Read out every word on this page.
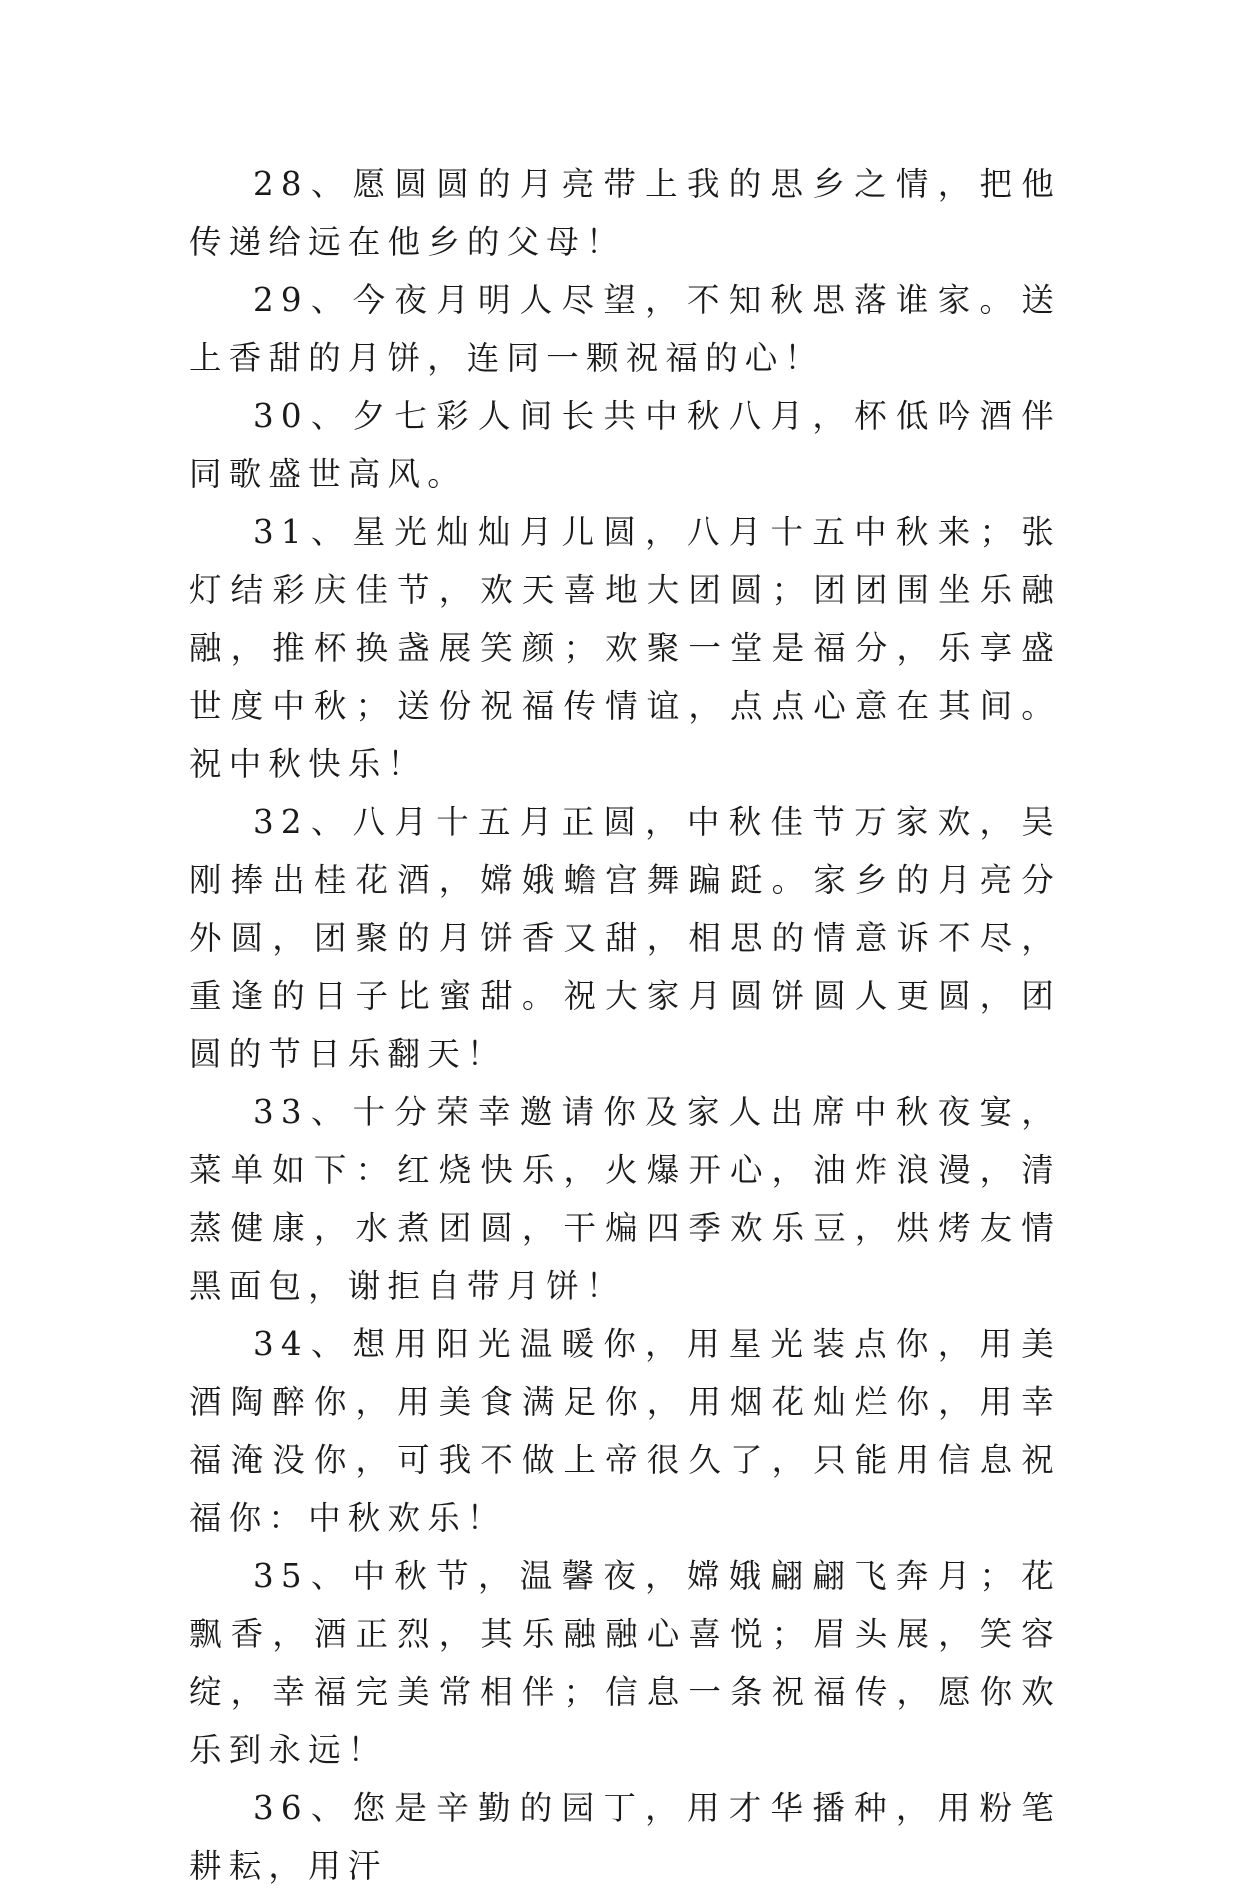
28、愿圆圆的月亮带上我的思乡之情，把他传递给远在他乡的父母！

29、今夜月明人尽望，不知秋思落谁家。送上香甜的月饼，连同一颗祝福的心！

30、夕七彩人间长共中秋八月，杯低吟酒伴同歌盛世高风。

31、星光灿灿月儿圆，八月十五中秋来；张灯结彩庆佳节，欢天喜地大团圆；团团围坐乐融融，推杯换盏展笑颜；欢聚一堂是福分，乐享盛世度中秋；送份祝福传情谊，点点心意在其间。祝中秋快乐！

32、八月十五月正圆，中秋佳节万家欢，吴刚捧出桂花酒，嫦娥蟾宫舞蹁跹。家乡的月亮分外圆，团聚的月饼香又甜，相思的情意诉不尽，重逢的日子比蜜甜。祝大家月圆饼圆人更圆，团圆的节日乐翻天！

33、十分荣幸邀请你及家人出席中秋夜宴，菜单如下：红烧快乐，火爆开心，油炸浪漫，清蒸健康，水煮团圆，干煸四季欢乐豆，烘烤友情黑面包，谢拒自带月饼！

34、想用阳光温暖你，用星光装点你，用美酒陶醉你，用美食满足你，用烟花灿烂你，用幸福淹没你，可我不做上帝很久了，只能用信息祝福你：中秋欢乐！

35、中秋节，温馨夜，嫦娥翩翩飞奔月；花飘香，酒正烈，其乐融融心喜悦；眉头展，笑容绽，幸福完美常相伴；信息一条祝福传，愿你欢乐到永远！

36、您是辛勤的园丁，用才华播种，用粉笔耕耘，用汗
